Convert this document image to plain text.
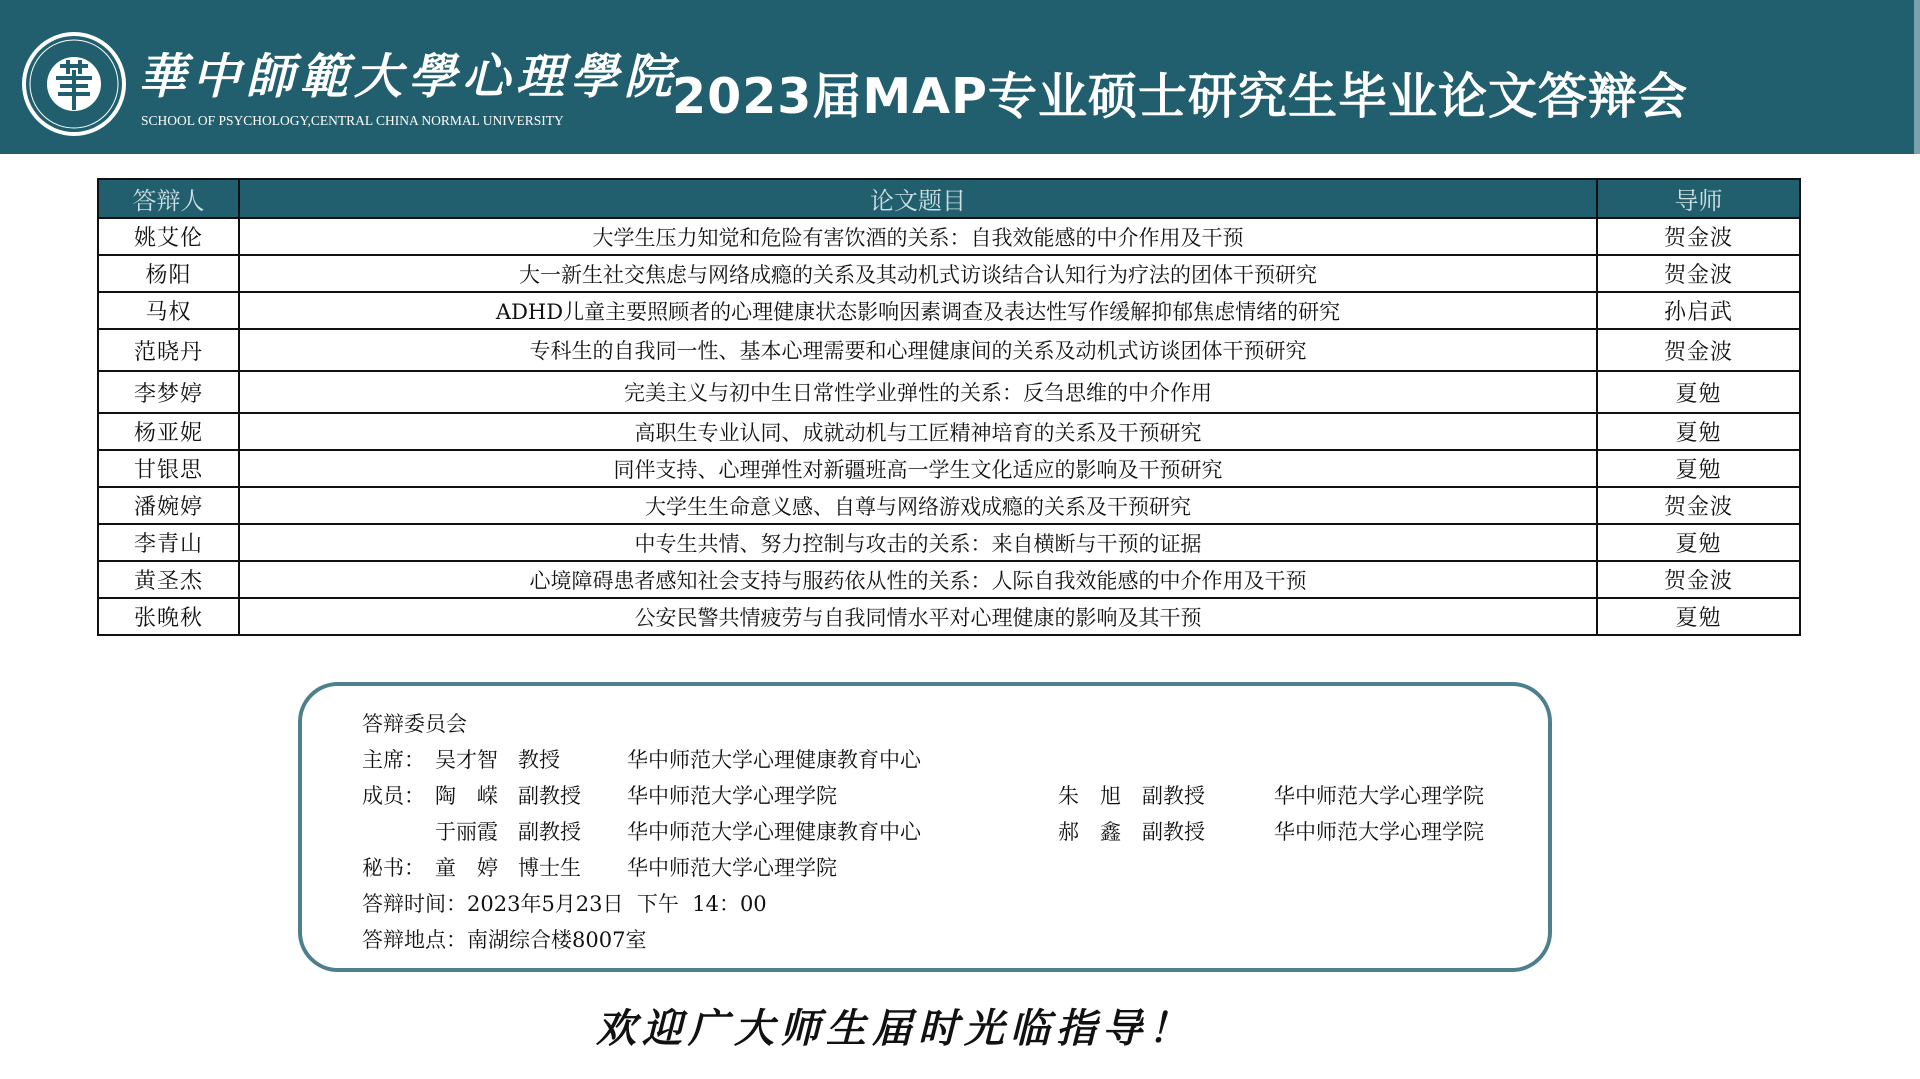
華中師範大學心理學院
SCHOOL OF PSYCHOLOGY,CENTRAL CHINA NORMAL UNIVERSITY 2023届MAP专业硕士研究生毕业论文答辩会
答辩人	论文题目	导师
姚艾伦	大学生压力知觉和危险有害饮酒的关系：自我效能感的中介作用及干预	贺金波
杨阳	大一新生社交焦虑与网络成瘾的关系及其动机式访谈结合认知行为疗法的团体干预研究	贺金波
马权	ADHD儿童主要照顾者的心理健康状态影响因素调查及表达性写作缓解抑郁焦虑情绪的研究	孙启武
范晓丹	专科生的自我同一性、基本心理需要和心理健康间的关系及动机式访谈团体干预研究	贺金波
李梦婷	完美主义与初中生日常性学业弹性的关系：反刍思维的中介作用	夏勉
杨亚妮	高职生专业认同、成就动机与工匠精神培育的关系及干预研究	夏勉
甘银思	同伴支持、心理弹性对新疆班高一学生文化适应的影响及干预研究	夏勉
潘婉婷	大学生生命意义感、自尊与网络游戏成瘾的关系及干预研究	贺金波
李青山	中专生共情、努力控制与攻击的关系：来自横断与干预的证据	夏勉
黄圣杰	心境障碍患者感知社会支持与服药依从性的关系：人际自我效能感的中介作用及干预	贺金波
张晚秋	公安民警共情疲劳与自我同情水平对心理健康的影响及其干预	夏勉
答辩委员会
主席： 吴才智 教授	华中师范大学心理健康教育中心
成员： 陶　嵘 副教授 华中师范大学心理学院	朱　旭 副教授	华中师范大学心理学院
于丽霞 副教授 华中师范大学心理健康教育中心	郝　鑫 副教授	华中师范大学心理学院
秘书： 童　婷 博士生 华中师范大学心理学院
答辩时间：2023年5月23日  下午  14：00
答辩地点：南湖综合楼8007室
欢迎广大师生届时光临指导！
